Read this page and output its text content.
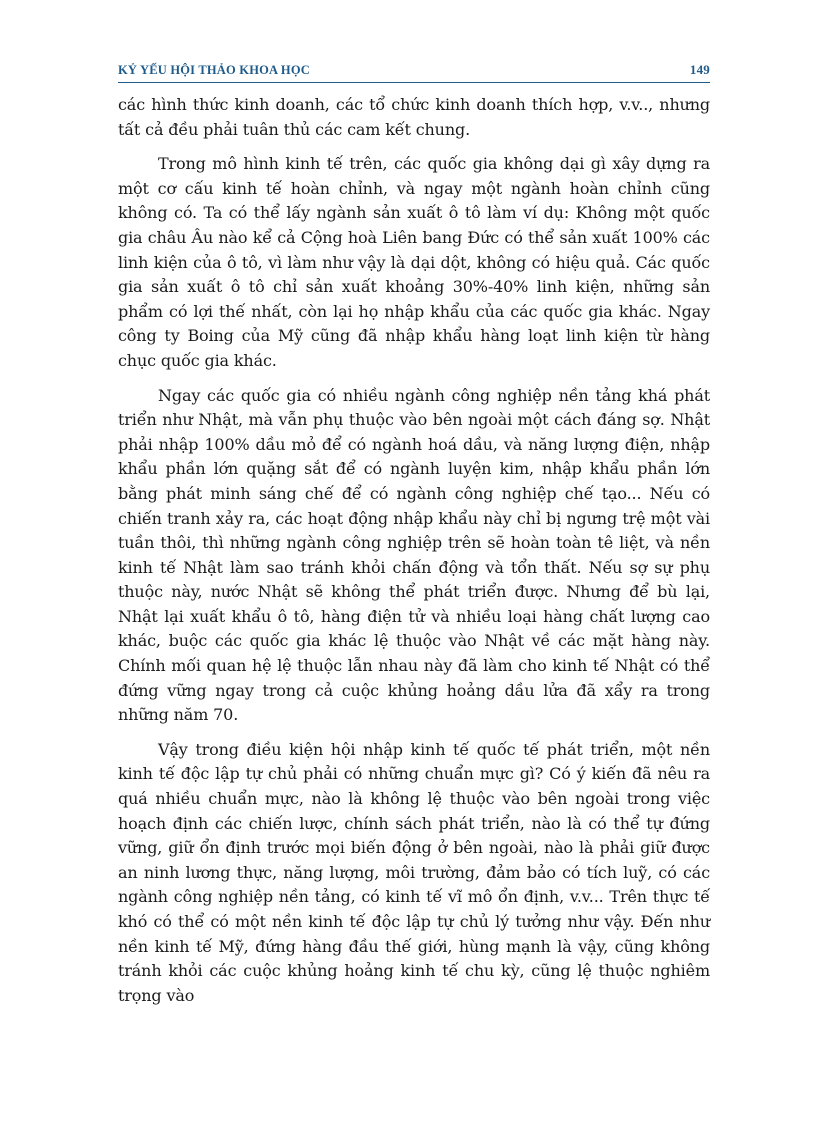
KỶ YẾU HỘI THẢO KHOA HỌC	149

các hình thức kinh doanh, các tổ chức kinh doanh thích hợp, v.v.., nhưng tất cả đều phải tuân thủ các cam kết chung.

Trong mô hình kinh tế trên, các quốc gia không dại gì xây dựng ra một cơ cấu kinh tế hoàn chỉnh, và ngay một ngành hoàn chỉnh cũng không có. Ta có thể lấy ngành sản xuất ô tô làm ví dụ: Không một quốc gia châu Âu nào kể cả Cộng hoà Liên bang Đức có thể sản xuất 100% các linh kiện của ô tô, vì làm như vậy là dại dột, không có hiệu quả. Các quốc gia sản xuất ô tô chỉ sản xuất khoảng 30%-40% linh kiện, những sản phẩm có lợi thế nhất, còn lại họ nhập khẩu của các quốc gia khác. Ngay công ty Boing của Mỹ cũng đã nhập khẩu hàng loạt linh kiện từ hàng chục quốc gia khác.

Ngay các quốc gia có nhiều ngành công nghiệp nền tảng khá phát triển như Nhật, mà vẫn phụ thuộc vào bên ngoài một cách đáng sợ. Nhật phải nhập 100% dầu mỏ để có ngành hoá dầu, và năng lượng điện, nhập khẩu phần lớn quặng sắt để có ngành luyện kim, nhập khẩu phần lớn bằng phát minh sáng chế để có ngành công nghiệp chế tạo... Nếu có chiến tranh xảy ra, các hoạt động nhập khẩu này chỉ bị ngưng trệ một vài tuần thôi, thì những ngành công nghiệp trên sẽ hoàn toàn tê liệt, và nền kinh tế Nhật làm sao tránh khỏi chấn động và tổn thất. Nếu sợ sự phụ thuộc này, nước Nhật sẽ không thể phát triển được. Nhưng để bù lại, Nhật lại xuất khẩu ô tô, hàng điện tử và nhiều loại hàng chất lượng cao khác, buộc các quốc gia khác lệ thuộc vào Nhật về các mặt hàng này. Chính mối quan hệ lệ thuộc lẫn nhau này đã làm cho kinh tế Nhật có thể đứng vững ngay trong cả cuộc khủng hoảng dầu lửa đã xẩy ra trong những năm 70.

Vậy trong điều kiện hội nhập kinh tế quốc tế phát triển, một nền kinh tế độc lập tự chủ phải có những chuẩn mực gì? Có ý kiến đã nêu ra quá nhiều chuẩn mực, nào là không lệ thuộc vào bên ngoài trong việc hoạch định các chiến lược, chính sách phát triển, nào là có thể tự đứng vững, giữ ổn định trước mọi biến động ở bên ngoài, nào là phải giữ được an ninh lương thực, năng lượng, môi trường, đảm bảo có tích luỹ, có các ngành công nghiệp nền tảng, có kinh tế vĩ mô ổn định, v.v... Trên thực tế khó có thể có một nền kinh tế độc lập tự chủ lý tưởng như vậy. Đến như nền kinh tế Mỹ, đứng hàng đầu thế giới, hùng mạnh là vậy, cũng không tránh khỏi các cuộc khủng hoảng kinh tế chu kỳ, cũng lệ thuộc nghiêm trọng vào
